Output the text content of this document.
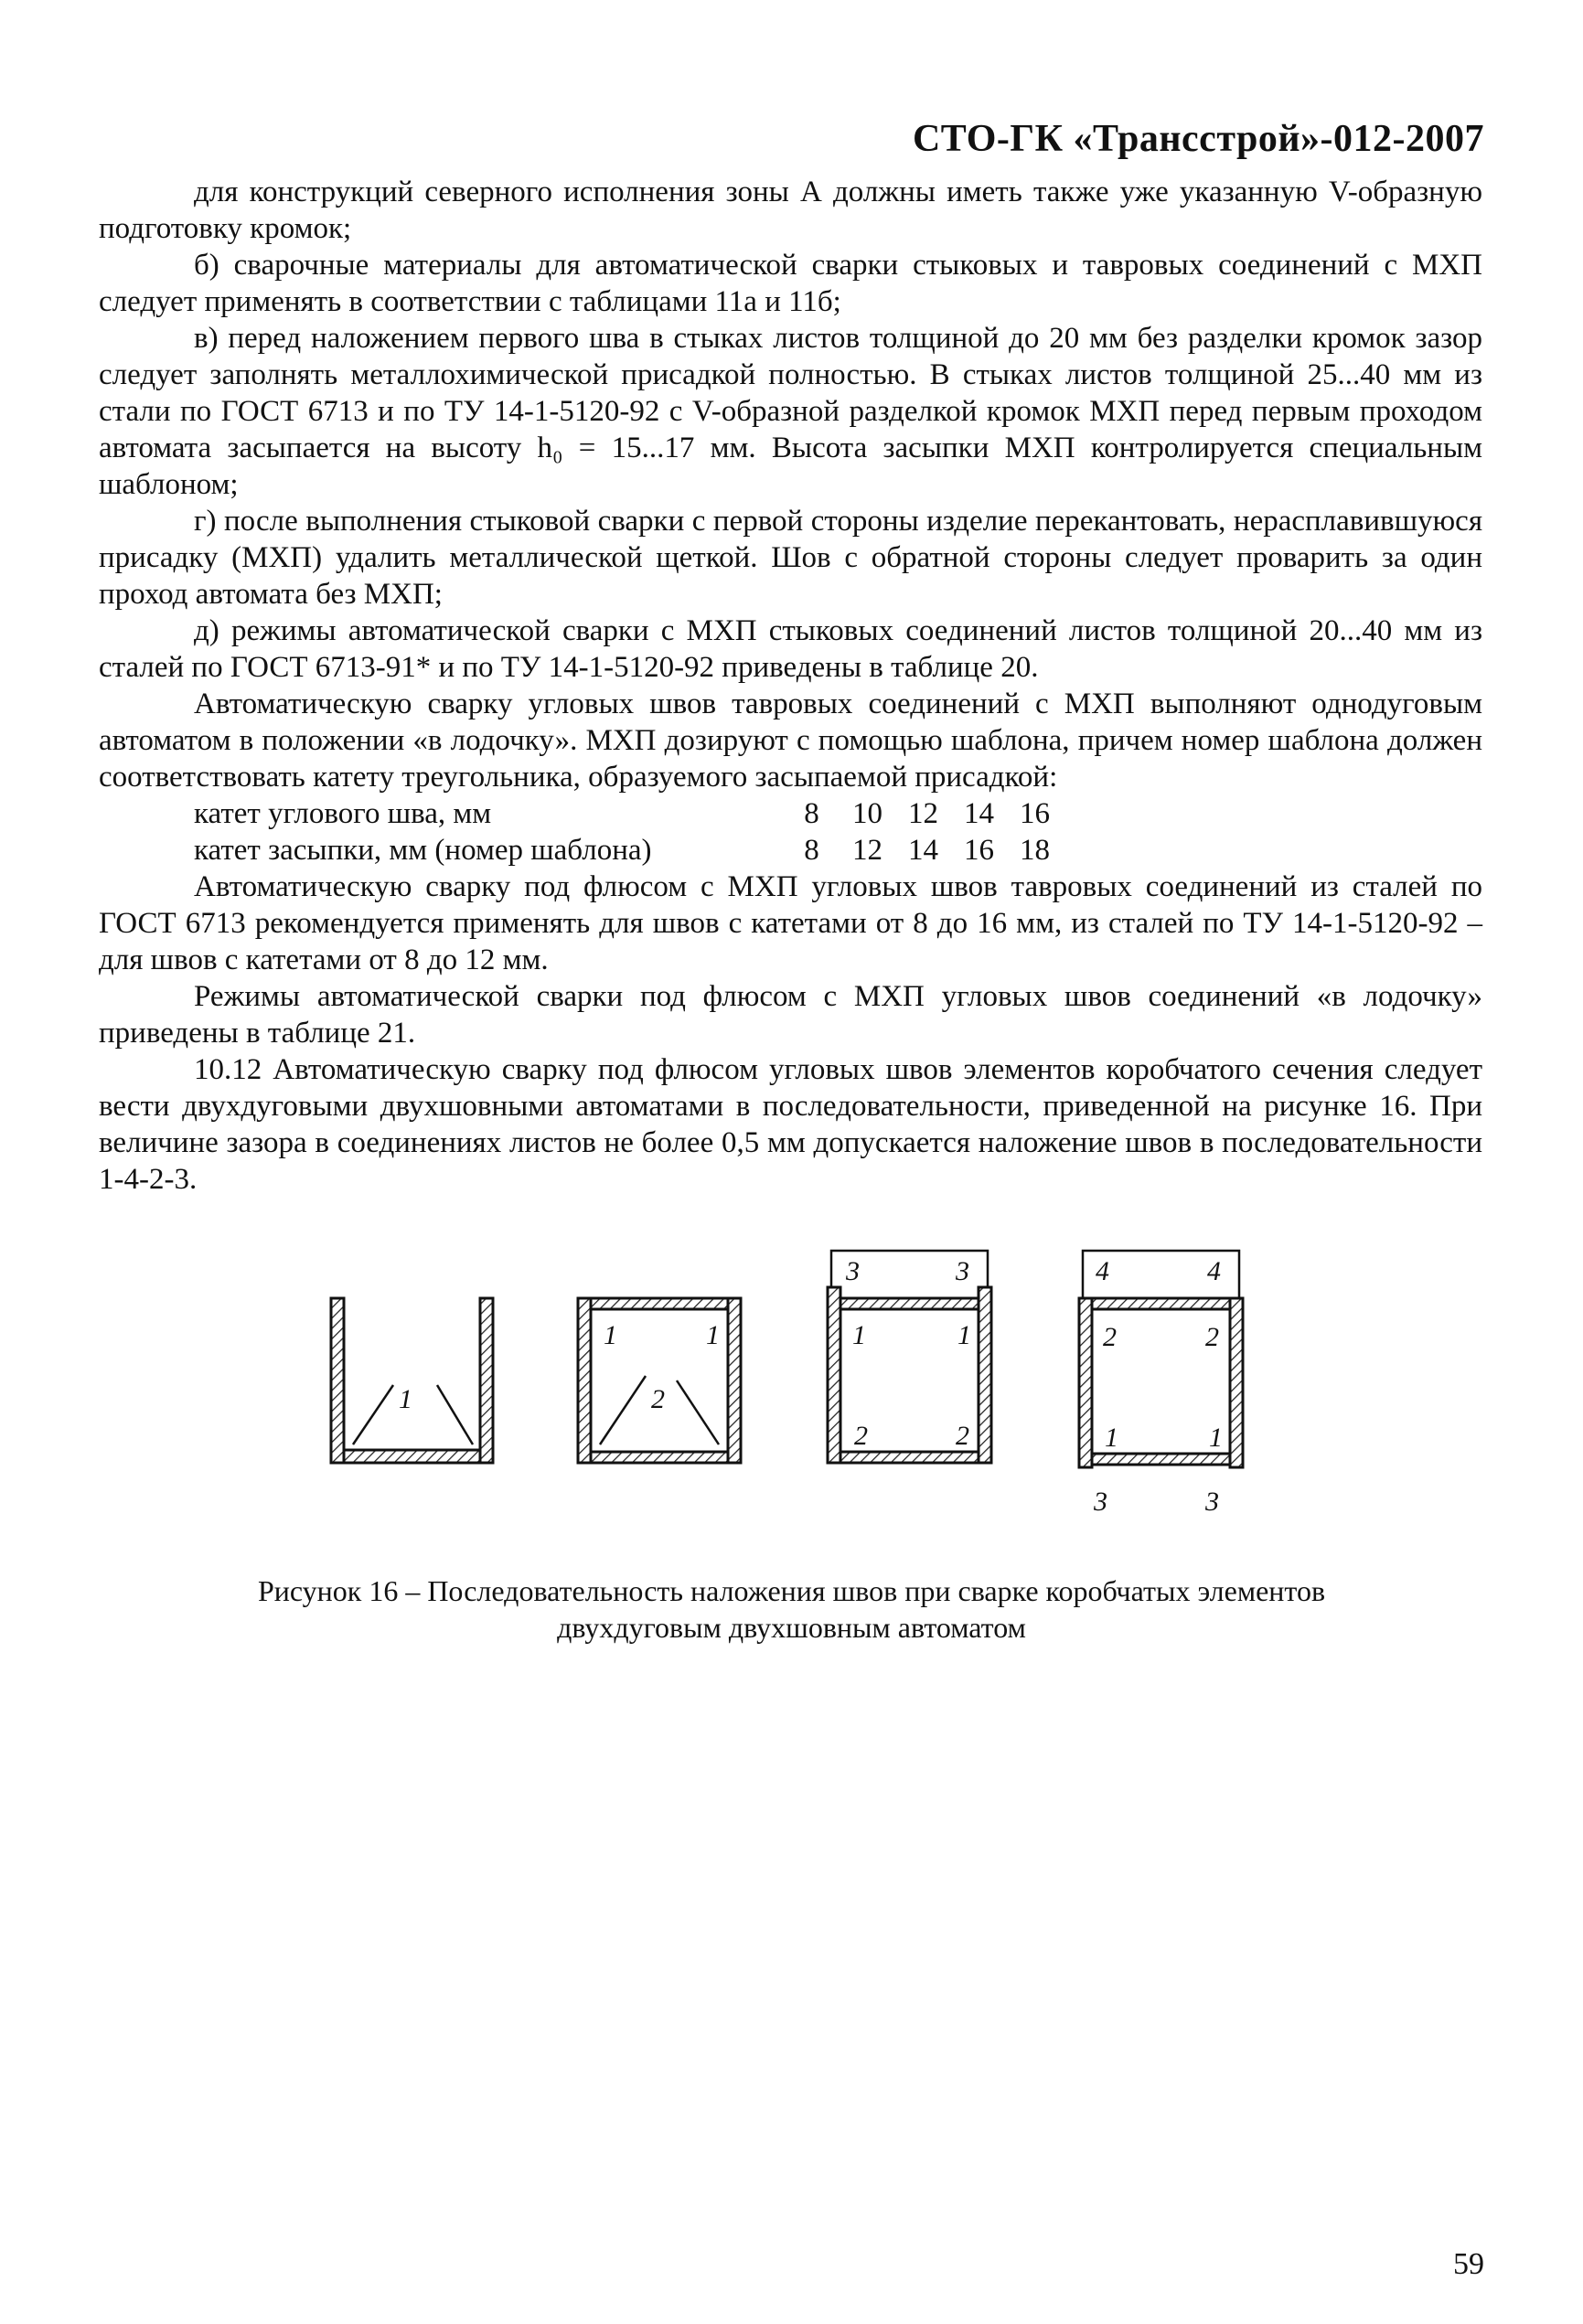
СТО-ГК «Трансстрой»-012-2007

для конструкций северного исполнения зоны А должны иметь также уже указанную V-образную подготовку кромок;

б) сварочные материалы для автоматической сварки стыковых и тавровых соединений с МХП следует применять в соответствии с таблицами 11а и 11б;

в) перед наложением первого шва в стыках листов толщиной до 20 мм без разделки кромок зазор следует заполнять металлохимической присадкой полностью. В стыках листов толщиной 25...40 мм из стали по ГОСТ 6713 и по ТУ 14-1-5120-92 с V-образной разделкой кромок МХП перед первым проходом автомата засыпается на высоту h₀ = 15...17 мм. Высота засыпки МХП контролируется специальным шаблоном;

г) после выполнения стыковой сварки с первой стороны изделие перекантовать, нерасплавившуюся присадку (МХП) удалить металлической щеткой. Шов с обратной стороны следует проварить за один проход автомата без МХП;

д) режимы автоматической сварки с МХП стыковых соединений листов толщиной 20...40 мм из сталей по ГОСТ 6713-91* и по ТУ 14-1-5120-92 приведены в таблице 20.

Автоматическую сварку угловых швов тавровых соединений с МХП выполняют однодуговым автоматом в положении «в лодочку». МХП дозируют с помощью шаблона, причем номер шаблона должен соответствовать катету треугольника, образуемого засыпаемой присадкой:

катет углового шва, мм	8	10 12 14 16
катет засыпки, мм (номер шаблона)	8	12 14 16 18

Автоматическую сварку под флюсом с МХП угловых швов тавровых соединений из сталей по ГОСТ 6713 рекомендуется применять для швов с катетами от 8 до 16 мм, из сталей по ТУ 14-1-5120-92 – для швов с катетами от 8 до 12 мм.

Режимы автоматической сварки под флюсом с МХП угловых швов соединений «в лодочку» приведены в таблице 21.

10.12 Автоматическую сварку под флюсом угловых швов элементов коробчатого сечения следует вести двухдуговыми двухшовными автоматами в последовательности, приведенной на рисунке 16. При величине зазора в соединениях листов не более 0,5 мм допускается наложение швов в последовательности 1-4-2-3.

1
1	1
2
3	3
1	1
2	2
4	4
2	2
1	1
3	3
Рисунок 16 – Последовательность наложения швов при сварке коробчатых элементов
двухдуговым двухшовным автоматом
59
